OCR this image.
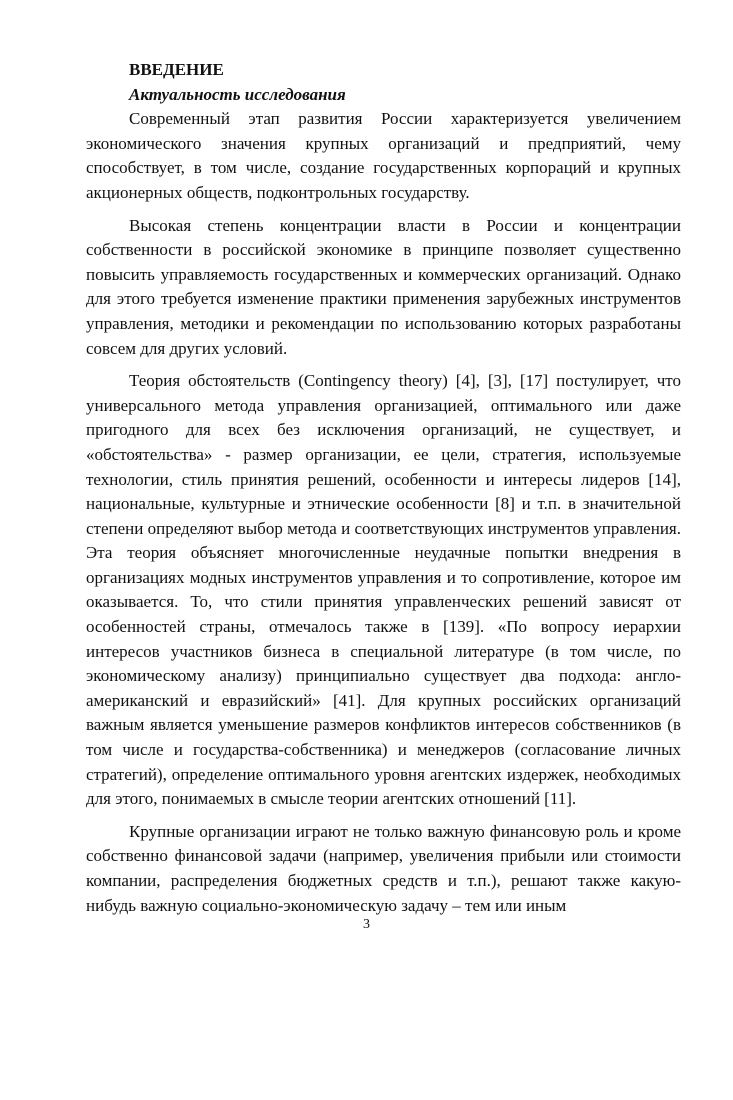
ВВЕДЕНИЕ

Актуальность исследования

Современный этап развития России характеризуется увеличением экономического значения крупных организаций и предприятий, чему способствует, в том числе, создание государственных корпораций и крупных акционерных обществ, подконтрольных государству.

Высокая степень концентрации власти в России и концентрации собственности в российской экономике в принципе позволяет существенно повысить управляемость государственных и коммерческих организаций. Однако для этого требуется изменение практики применения зарубежных инструментов управления, методики и рекомендации по использованию которых разработаны совсем для других условий.

Теория обстоятельств (Contingency theory) [4], [3], [17] постулирует, что универсального метода управления организацией, оптимального или даже пригодного для всех без исключения организаций, не существует, и «обстоятельства» - размер организации, ее цели, стратегия, используемые технологии, стиль принятия решений, особенности и интересы лидеров [14], национальные, культурные и этнические особенности [8] и т.п. в значительной степени определяют выбор метода и соответствующих инструментов управления. Эта теория объясняет многочисленные неудачные попытки внедрения в организациях модных инструментов управления и то сопротивление, которое им оказывается. То, что стили принятия управленческих решений зависят от особенностей страны, отмечалось также в [139]. «По вопросу иерархии интересов участников бизнеса в специальной литературе (в том числе, по экономическому анализу) принципиально существует два подхода: англо-американский и евразийский» [41]. Для крупных российских организаций важным является уменьшение размеров конфликтов интересов собственников (в том числе и государства-собственника) и менеджеров (согласование личных стратегий), определение оптимального уровня агентских издержек, необходимых для этого, понимаемых в смысле теории агентских отношений [11].

Крупные организации играют не только важную финансовую роль и кроме собственно финансовой задачи (например, увеличения прибыли или стоимости компании, распределения бюджетных средств и т.п.), решают также какую-нибудь важную социально-экономическую задачу – тем или иным

3
